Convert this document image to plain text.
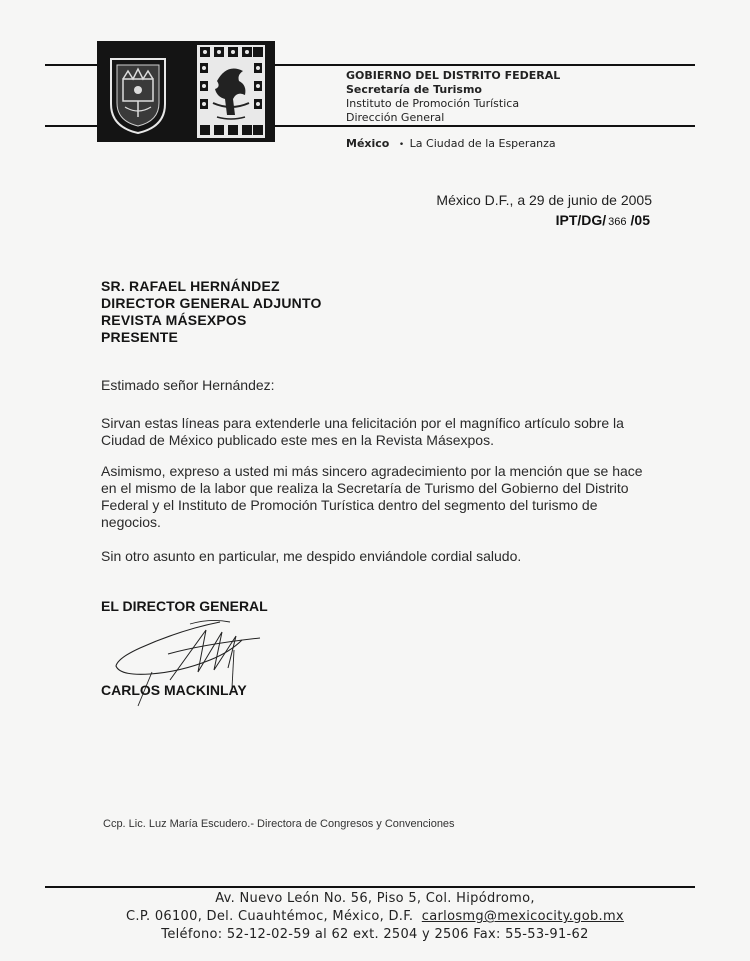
GOBIERNO DEL DISTRITO FEDERAL
Secretaría de Turismo
Instituto de Promoción Turística
Dirección General
México • La Ciudad de la Esperanza
México D.F., a 29 de junio de 2005
IPT/DG/ 366 /05
SR. RAFAEL HERNÁNDEZ
DIRECTOR GENERAL ADJUNTO
REVISTA MÁSEXPOS
PRESENTE
Estimado señor Hernández:
Sirvan estas líneas para extenderle una felicitación por el magnífico artículo sobre la Ciudad de México publicado este mes en la Revista Másexpos.
Asimismo, expreso a usted mi más sincero agradecimiento por la mención que se hace en el mismo de la labor que realiza la Secretaría de Turismo del Gobierno del Distrito Federal y el Instituto de Promoción Turística dentro del segmento del turismo de negocios.
Sin otro asunto en particular, me despido enviándole cordial saludo.
EL DIRECTOR GENERAL
CARLOS MACKINLAY
Ccp. Lic. Luz María Escudero.- Directora de Congresos y Convenciones
Av. Nuevo León No. 56, Piso 5, Col. Hipódromo,
C.P. 06100, Del. Cuauhtémoc, México, D.F. carlosmg@mexicocity.gob.mx
Teléfono: 52-12-02-59 al 62 ext. 2504 y 2506 Fax: 55-53-91-62
